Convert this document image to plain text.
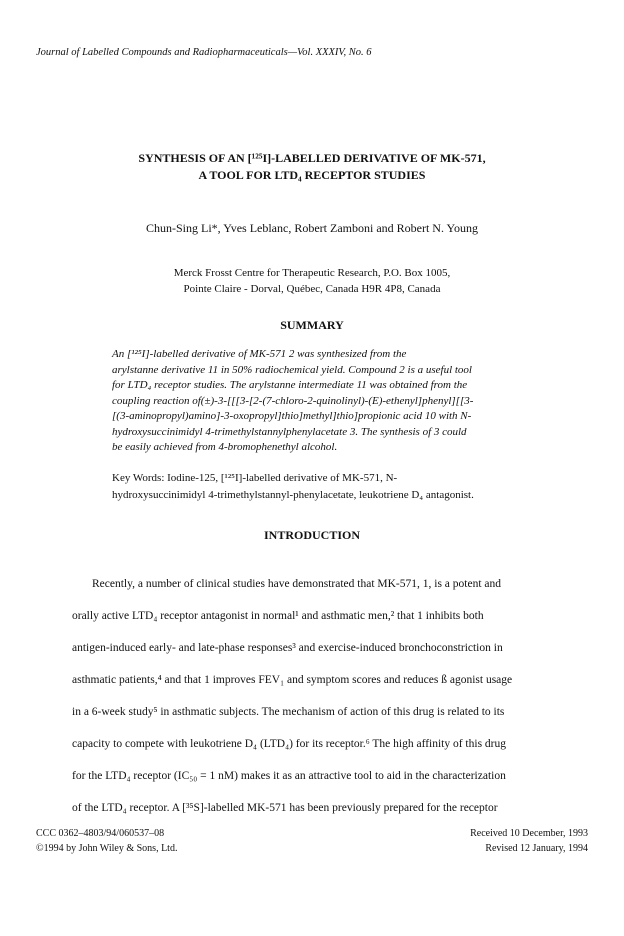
Journal of Labelled Compounds and Radiopharmaceuticals—Vol. XXXIV, No. 6

SYNTHESIS OF AN [¹²⁵I]-LABELLED DERIVATIVE OF MK-571,

A TOOL FOR LTD₄ RECEPTOR STUDIES

Chun-Sing Li*, Yves Leblanc, Robert Zamboni and Robert N. Young

Merck Frosst Centre for Therapeutic Research, P.O. Box 1005,
Pointe Claire - Dorval, Québec, Canada H9R 4P8, Canada

SUMMARY

An [¹²⁵I]-labelled derivative of MK-571 2 was synthesized from the
arylstanne derivative 11 in 50% radiochemical yield. Compound 2 is a useful tool
for LTD₄ receptor studies. The arylstanne intermediate 11 was obtained from the
coupling reaction of(±)-3-[[[3-[2-(7-chloro-2-quinolinyl)-(E)-ethenyl]phenyl][[3-
[(3-aminopropyl)amino]-3-oxopropyl]thio]methyl]thio]propionic acid 10 with N-
hydroxysuccinimidyl 4-trimethylstannylphenylacetate 3. The synthesis of 3 could
be easily achieved from 4-bromophenethyl alcohol.
Key Words: Iodine-125, [¹²⁵I]-labelled derivative of MK-571, N-
hydroxysuccinimidyl 4-trimethylstannyl-phenylacetate, leukotriene D₄ antagonist.

INTRODUCTION

Recently, a number of clinical studies have demonstrated that MK-571, 1, is a potent and

orally active LTD₄ receptor antagonist in normal¹ and asthmatic men,² that 1 inhibits both

antigen-induced early- and late-phase responses³ and exercise-induced bronchoconstriction in

asthmatic patients,⁴ and that 1 improves FEV₁ and symptom scores and reduces ß agonist usage

in a 6-week study⁵ in asthmatic subjects. The mechanism of action of this drug is related to its

capacity to compete with leukotriene D₄ (LTD₄) for its receptor.⁶ The high affinity of this drug

for the LTD₄ receptor (IC₅₀ = 1 nM) makes it as an attractive tool to aid in the characterization

of the LTD₄ receptor. A [³⁵S]-labelled MK-571 has been previously prepared for the receptor

CCC 0362–4803/94/060537–08
©1994 by John Wiley & Sons, Ltd.
Received 10 December, 1993
Revised 12 January, 1994
